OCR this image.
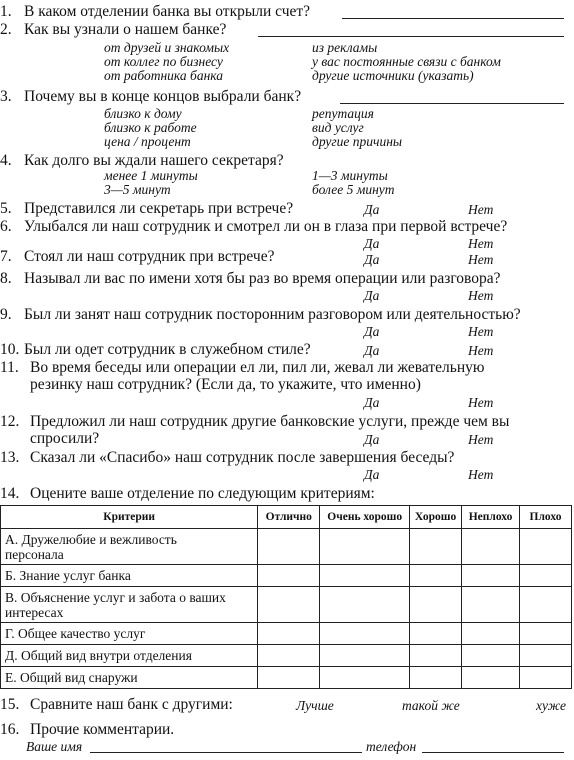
1. В каком отделении банка вы открыли счет?
2. Как вы узнали о нашем банке?
от друзей и знакомых	из рекламы
от коллег по бизнесу	у вас постоянные связи с банком
от работника банка	другие источники (указать)
3. Почему вы в конце концов выбрали банк?
близко к дому	репутация
близко к работе	вид услуг
цена / процент	другие причины
4. Как долго вы ждали нашего секретаря?
менее 1 минуты	1—3 минуты
3—5 минут	более 5 минут
5. Представился ли секретарь при встрече?	Да	Нет
6. Улыбался ли наш сотрудник и смотрел ли он в глаза при первой встрече?
Да	Нет
7. Стоял ли наш сотрудник при встрече?	Да	Нет
8. Называл ли вас по имени хотя бы раз во время операции или разговора?
Да	Нет
9. Был ли занят наш сотрудник посторонним разговором или деятельностью?
Да	Нет
10. Был ли одет сотрудник в служебном стиле?	Да	Нет
11. Во время беседы или операции ел ли, пил ли, жевал ли жевательную
резинку наш сотрудник? (Если да, то укажите, что именно)
Да	Нет
12. Предложил ли наш сотрудник другие банковские услуги, прежде чем вы
спросили?	Да	Нет
13. Сказал ли «Спасибо» наш сотрудник после завершения беседы?
Да	Нет
14. Оцените ваше отделение по следующим критериям:
Критерии	Отлично	Очень хорошо	Хорошо	Неплохо	Плохо
А. Дружелюбие и вежливость
персонала					
Б. Знание услуг банка					
В. Объяснение услуг и забота о ваших
интересах					
Г. Общее качество услуг					
Д. Общий вид внутри отделения					
Е. Общий вид снаружи					
15. Сравните наш банк с другими:	Лучше	такой же	хуже
16. Прочие комментарии.
Ваше имя	телефон
